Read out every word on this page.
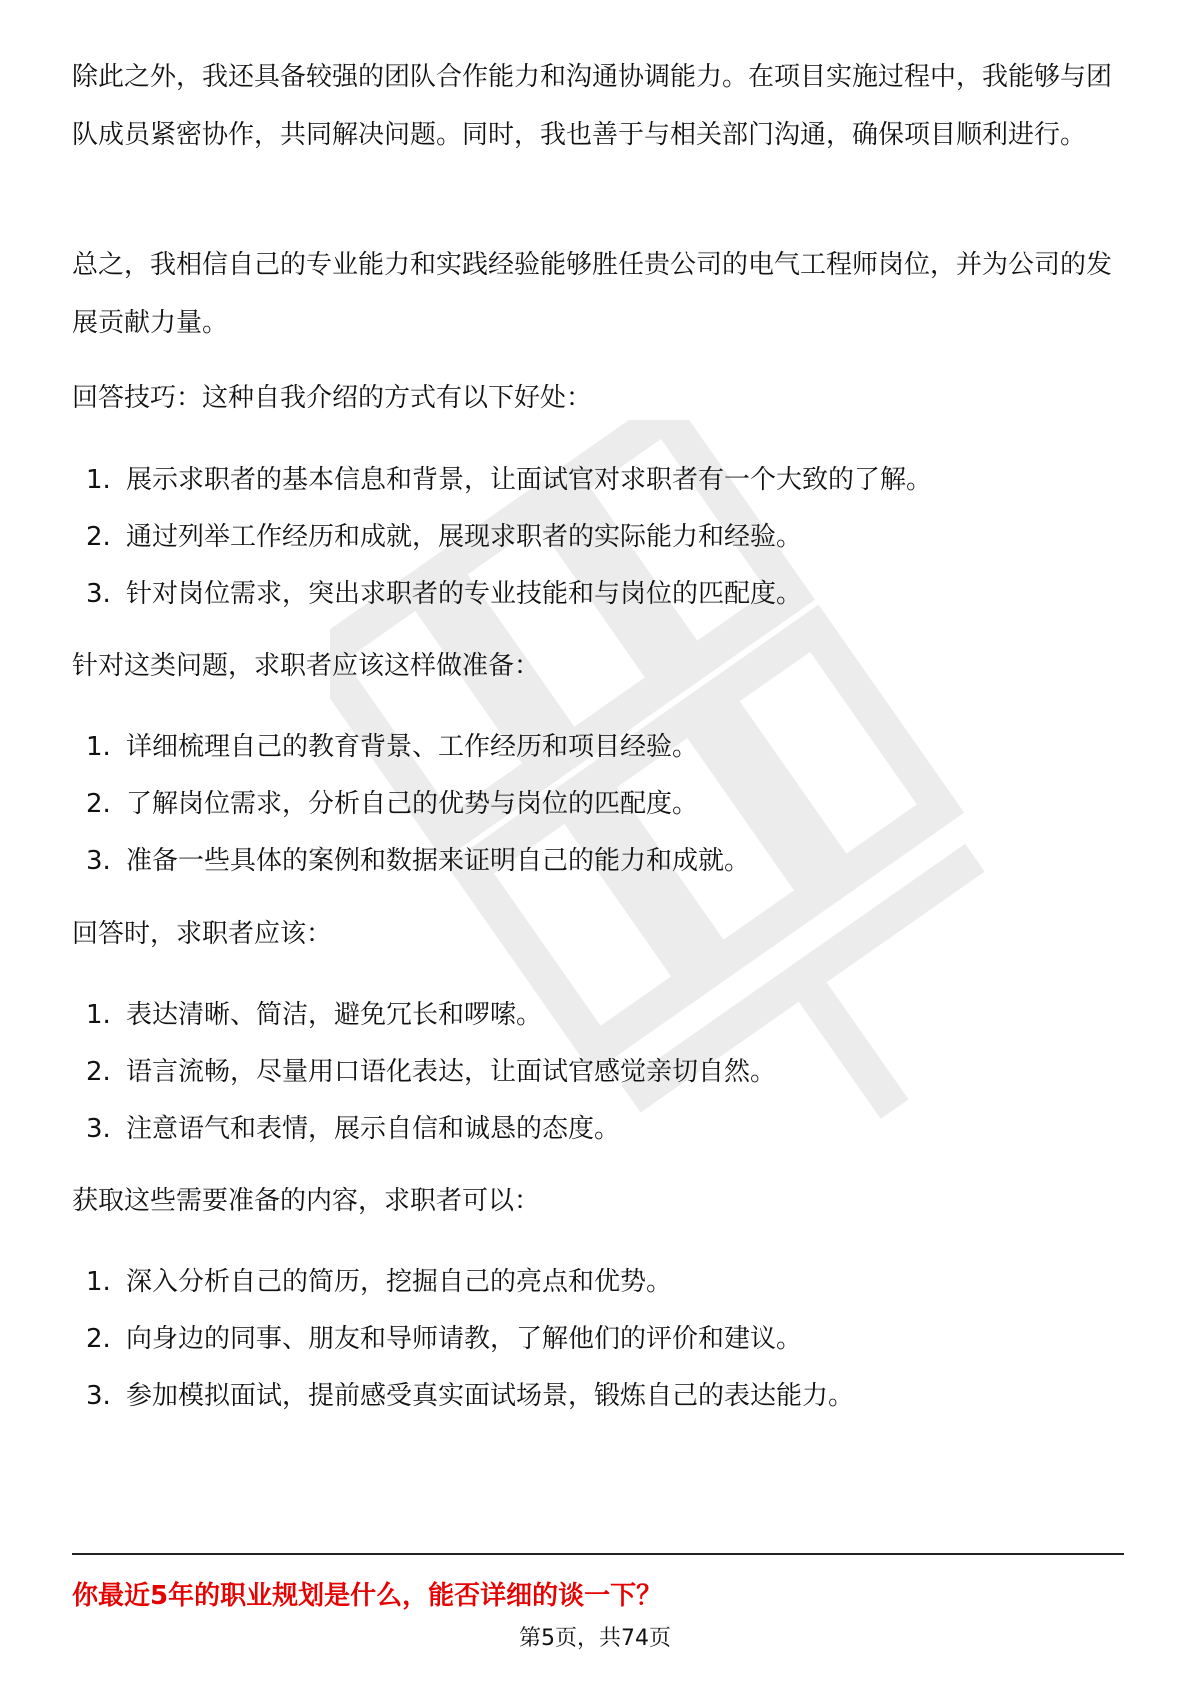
除此之外，我还具备较强的团队合作能力和沟通协调能力。在项目实施过程中，我能够与团队成员紧密协作，共同解决问题。同时，我也善于与相关部门沟通，确保项目顺利进行。

总之，我相信自己的专业能力和实践经验能够胜任贵公司的电气工程师岗位，并为公司的发展贡献力量。

回答技巧：这种自我介绍的方式有以下好处：

1. 展示求职者的基本信息和背景，让面试官对求职者有一个大致的了解。
2. 通过列举工作经历和成就，展现求职者的实际能力和经验。
3. 针对岗位需求，突出求职者的专业技能和与岗位的匹配度。

针对这类问题，求职者应该这样做准备：

1. 详细梳理自己的教育背景、工作经历和项目经验。
2. 了解岗位需求，分析自己的优势与岗位的匹配度。
3. 准备一些具体的案例和数据来证明自己的能力和成就。

回答时，求职者应该：

1. 表达清晰、简洁，避免冗长和啰嗦。
2. 语言流畅，尽量用口语化表达，让面试官感觉亲切自然。
3. 注意语气和表情，展示自信和诚恳的态度。

获取这些需要准备的内容，求职者可以：

1. 深入分析自己的简历，挖掘自己的亮点和优势。
2. 向身边的同事、朋友和导师请教，了解他们的评价和建议。
3. 参加模拟面试，提前感受真实面试场景，锻炼自己的表达能力。

你最近5年的职业规划是什么，能否详细的谈一下？

第5页，共74页
